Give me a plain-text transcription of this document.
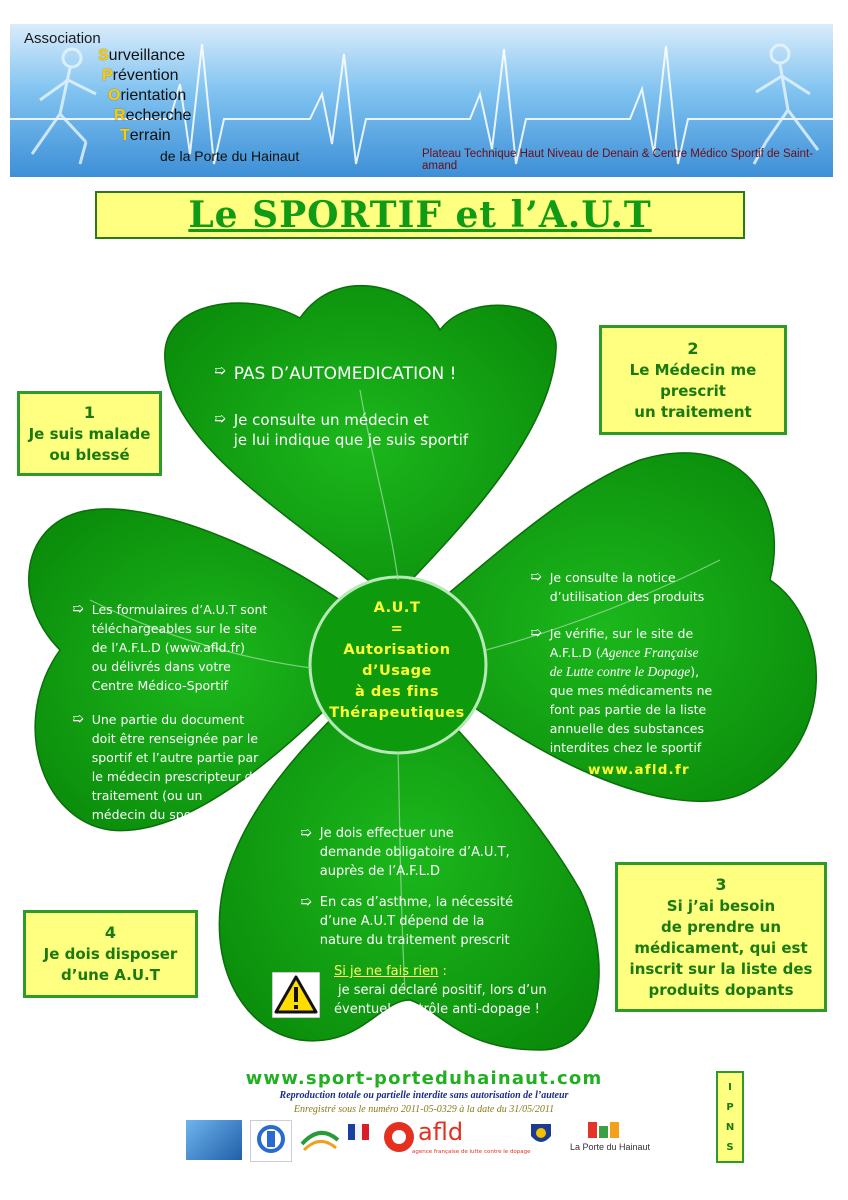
Association
Surveillance
Prévention
Orientation
Recherche
Terrain
de la Porte du Hainaut	Plateau Technique Haut Niveau de Denain & Centre Médico Sportif de Saint-amand
Le SPORTIF et l’A.U.T
1
Je suis malade
ou blessé
2
Le Médecin me
prescrit
un traitement
3
Si j’ai besoin
de prendre un
médicament, qui est
inscrit sur la liste des
produits dopants
4
Je dois disposer
d’une A.U.T
➯ PAS D’AUTOMEDICATION !
➯ Je consulte un médecin et
je lui indique que je suis sportif
➯ Les formulaires d’A.U.T sont
téléchargeables sur le site
de l’A.F.L.D (www.afld.fr)
ou délivrés dans votre
Centre Médico-Sportif
➯ Une partie du document
doit être renseignée par le
sportif et l’autre partie par
le médecin prescripteur du
traitement (ou un
médecin du sport)
➯ Je consulte la notice
d’utilisation des produits
➯ Je vérifie, sur le site de
A.F.L.D (Agence Française
de Lutte contre le Dopage),
que mes médicaments ne
font pas partie de la liste
annuelle des substances
interdites chez le sportif
www.afld.fr
A.U.T
=
Autorisation
d’Usage
à des fins
Thérapeutiques
➯ Je dois effectuer une
demande obligatoire d’A.U.T,
auprès de l’A.F.L.D
➯ En cas d’asthme, la nécessité
d’une A.U.T dépend de la
nature du traitement prescrit
Si je ne fais rien :
je serai déclaré positif, lors d’un
éventuel contrôle anti-dopage !
www.sport-porteduhainaut.com
Reproduction totale ou partielle interdite sans autorisation de l’auteur
Enregistré sous le numéro 2011-05-0329 à la date du 31/05/2011
I
P
N
S
afld
agence française de lutte contre le dopage	La Porte du Hainaut
